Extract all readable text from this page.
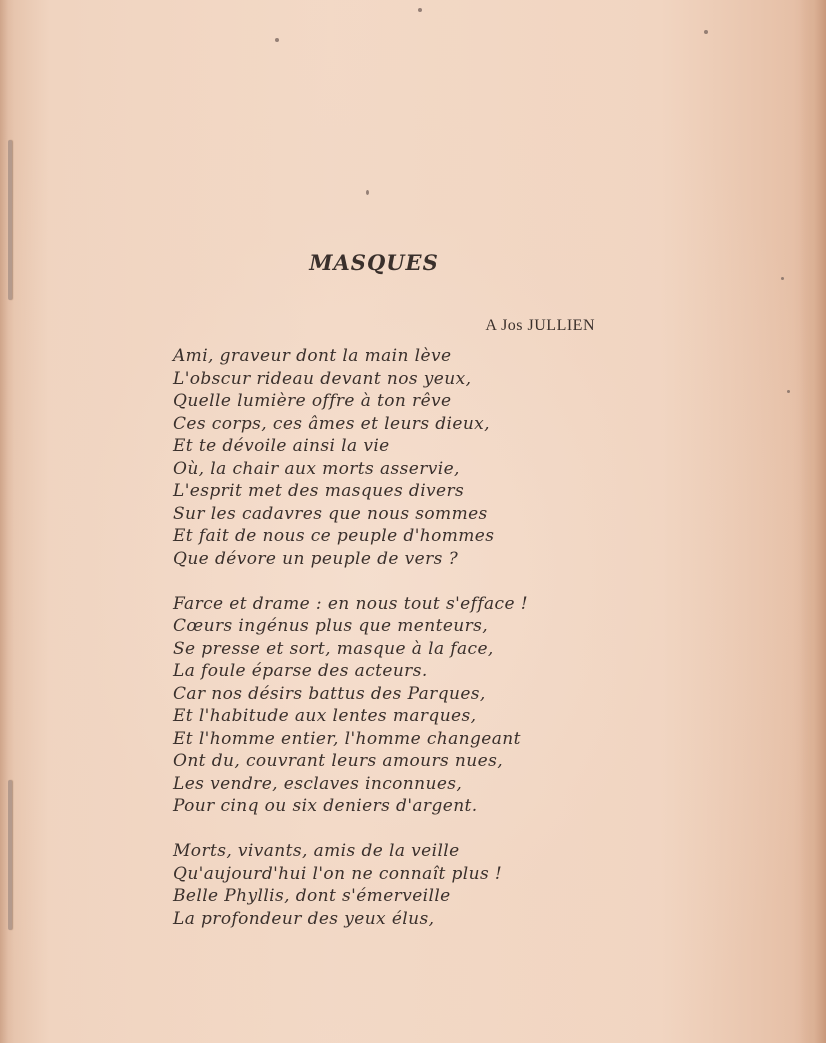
MASQUES
A Jos JULLIEN
Ami, graveur dont la main lève
L'obscur rideau devant nos yeux,
Quelle lumière offre à ton rêve
Ces corps, ces âmes et leurs dieux,
Et te dévoile ainsi la vie
Où, la chair aux morts asservie,
L'esprit met des masques divers
Sur les cadavres que nous sommes
Et fait de nous ce peuple d'hommes
Que dévore un peuple de vers ?
Farce et drame : en nous tout s'efface !
Cœurs ingénus plus que menteurs,
Se presse et sort, masque à la face,
La foule éparse des acteurs.
Car nos désirs battus des Parques,
Et l'habitude aux lentes marques,
Et l'homme entier, l'homme changeant
Ont du, couvrant leurs amours nues,
Les vendre, esclaves inconnues,
Pour cinq ou six deniers d'argent.
Morts, vivants, amis de la veille
Qu'aujourd'hui l'on ne connaît plus !
Belle Phyllis, dont s'émerveille
La profondeur des yeux élus,
